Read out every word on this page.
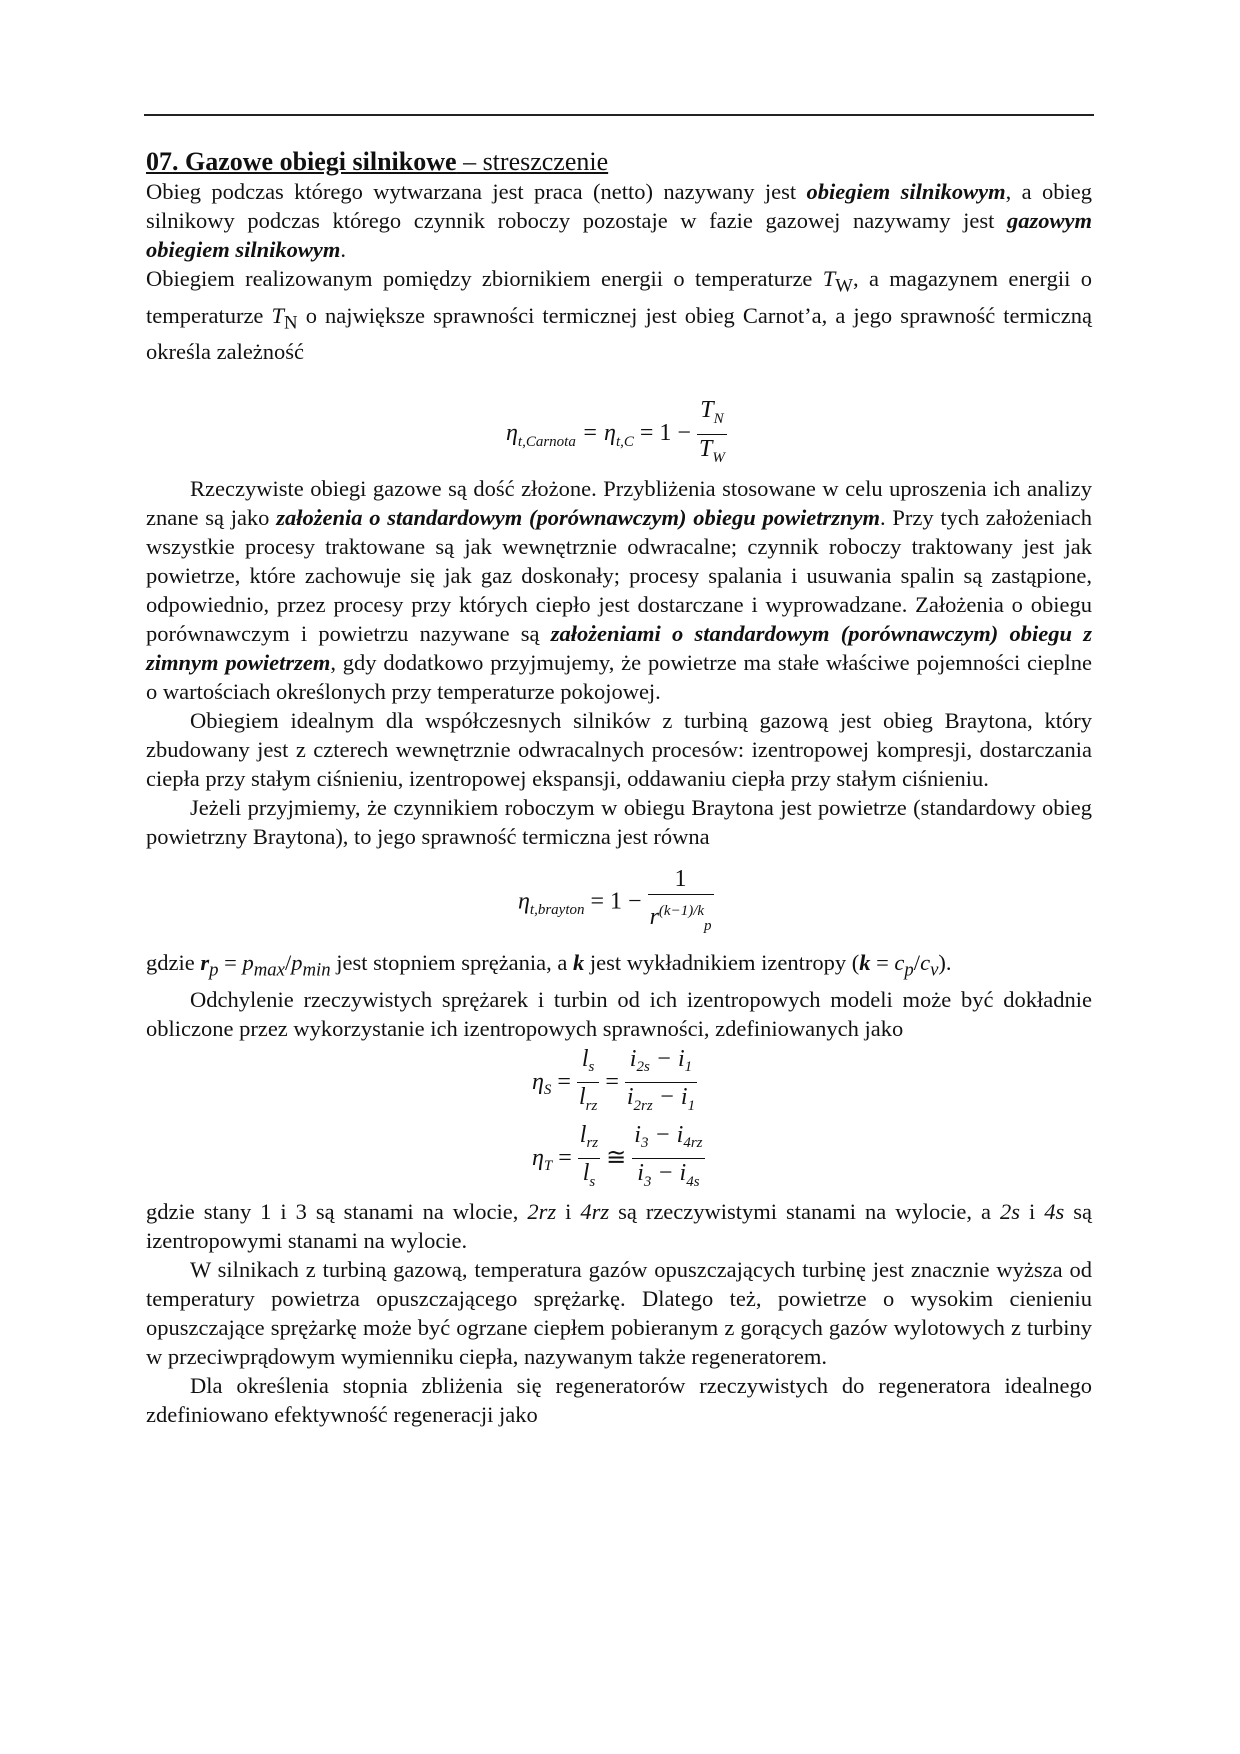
07. Gazowe obiegi silnikowe – streszczenie

Obieg podczas którego wytwarzana jest praca (netto) nazywany jest obiegiem silnikowym, a obieg silnikowy podczas którego czynnik roboczy pozostaje w fazie gazowej nazywamy jest gazowym obiegiem silnikowym.

Obiegiem realizowanym pomiędzy zbiornikiem energii o temperaturze $T_W$, a magazynem energii o temperaturze $T_N$ o największe sprawności termicznej jest obieg Carnot’a, a jego sprawność termiczną określa zależność

$\eta_{t,Carnota} = \eta_{t,C} = 1 - \frac{T_N}{T_W}$

Rzeczywiste obiegi gazowe są dość złożone. Przybliżenia stosowane w celu uproszenia ich analizy znane są jako założenia o standardowym (porównawczym) obiegu powietrznym. Przy tych założeniach wszystkie procesy traktowane są jak wewnętrznie odwracalne; czynnik roboczy traktowany jest jak powietrze, które zachowuje się jak gaz doskonały; procesy spalania i usuwania spalin są zastąpione, odpowiednio, przez procesy przy których ciepło jest dostarczane i wyprowadzane. Założenia o obiegu porównawczym i powietrzu nazywane są założeniami o standardowym (porównawczym) obiegu z zimnym powietrzem, gdy dodatkowo przyjmujemy, że powietrze ma stałe właściwe pojemności cieplne o wartościach określonych przy temperaturze pokojowej.

Obiegiem idealnym dla współczesnych silników z turbiną gazową jest obieg Braytona, który zbudowany jest z czterech wewnętrznie odwracalnych procesów: izentropowej kompresji, dostarczania ciepła przy stałym ciśnieniu, izentropowej ekspansji, oddawaniu ciepła przy stałym ciśnieniu.

Jeżeli przyjmiemy, że czynnikiem roboczym w obiegu Braytona jest powietrze (standardowy obieg powietrzny Braytona), to jego sprawność termiczna jest równa

$\eta_{t,brayton} = 1 - \frac{1}{r^{(k-1)/k}_p}$

gdzie $r_p = p_{max}/p_{min}$ jest stopniem sprężania, a k jest wykładnikiem izentropy $(k = c_p/c_v)$.

Odchylenie rzeczywistych sprężarek i turbin od ich izentropowych modeli może być dokładnie obliczone przez wykorzystanie ich izentropowych sprawności, zdefiniowanych jako

$\eta_S = \frac{l_s}{l_{rz}} = \frac{i_{2s} - i_1}{i_{2rz} - i_1}$
$\eta_T = \frac{l_{rz}}{l_s}$ ≅ $\frac{i_3 - i_{4rz}}{i_3 - i_{4s}}$

gdzie stany 1 i 3 są stanami na wlocie, 2rz i 4rz są rzeczywistymi stanami na wylocie, a 2s i 4s są izentropowymi stanami na wylocie.

W silnikach z turbiną gazową, temperatura gazów opuszczających turbinę jest znacznie wyższa od temperatury powietrza opuszczającego sprężarkę. Dlatego też, powietrze o wysokim cienieniu opuszczające sprężarkę może być ogrzane ciepłem pobieranym z gorących gazów wylotowych z turbiny w przeciwprądowym wymienniku ciepła, nazywanym także regeneratorem.

Dla określenia stopnia zbliżenia się regeneratorów rzeczywistych do regeneratora idealnego zdefiniowano efektywność regeneracji jako
